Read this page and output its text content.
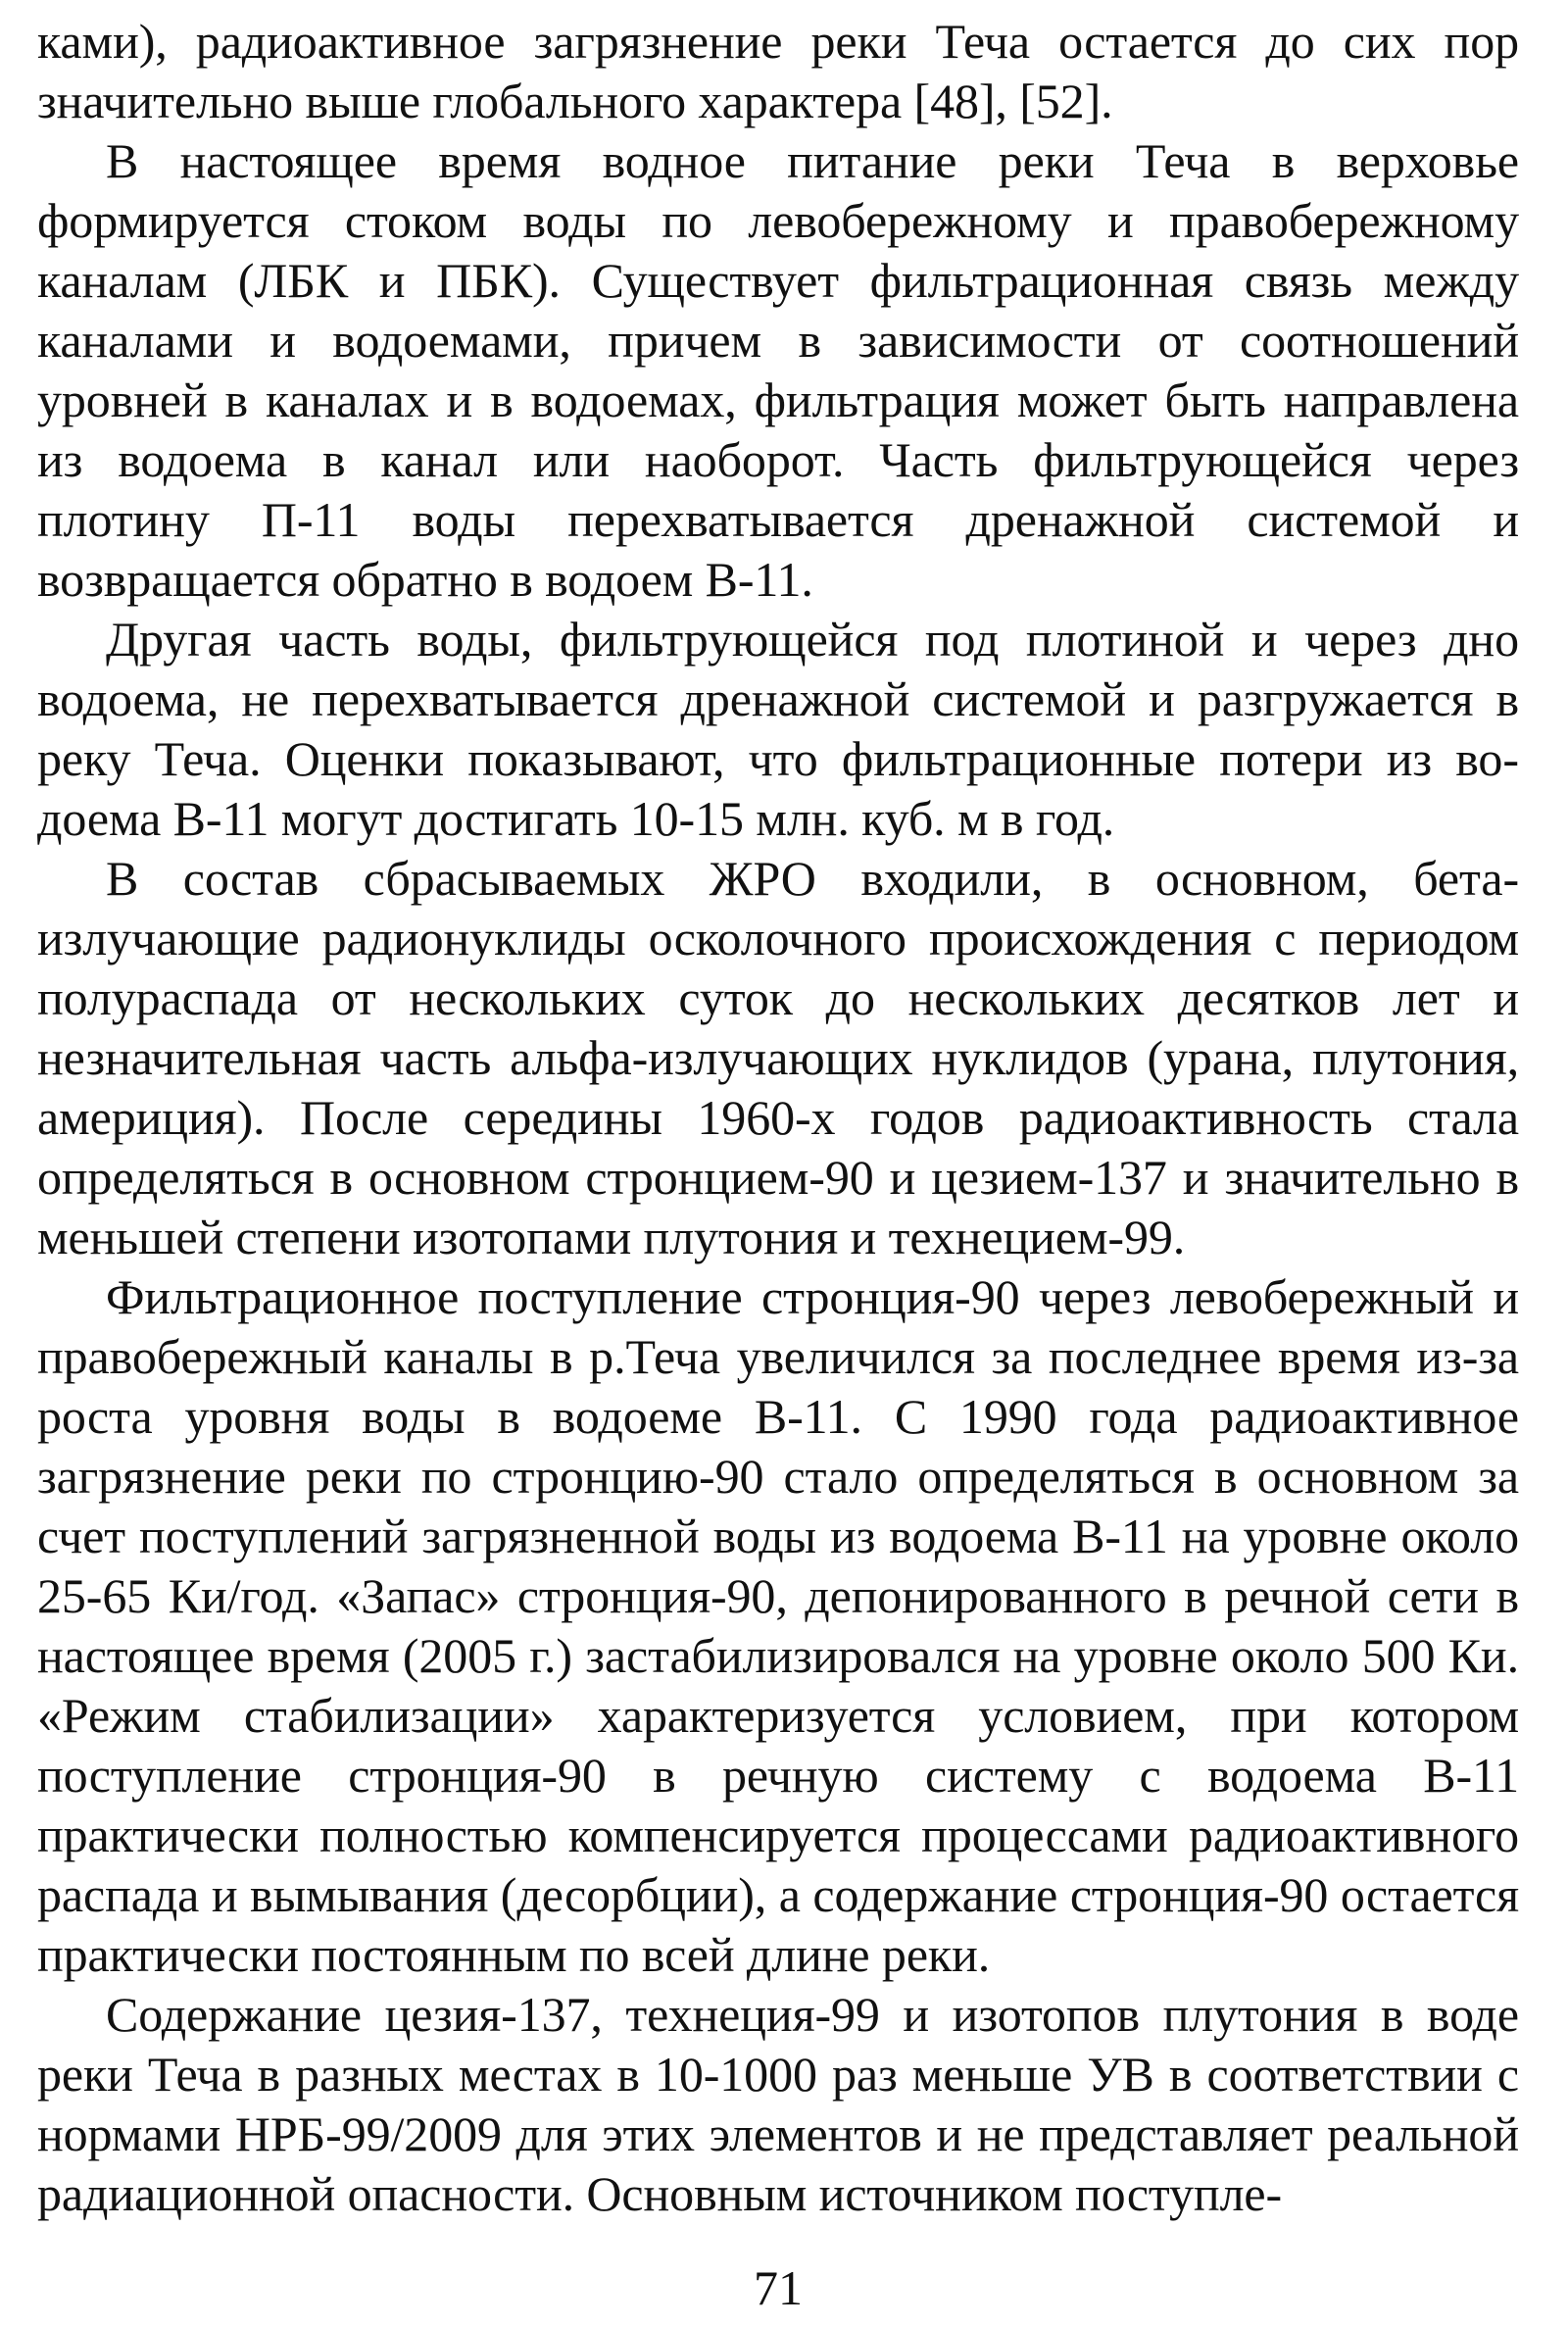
ками), радиоактивное загрязнение реки Теча остается до сих пор значительно выше глобального характера [48], [52].

В настоящее время водное питание реки Теча в верховье формируется стоком воды по левобережному и правобережному каналам (ЛБК и ПБК). Существует фильтрационная связь между каналами и водоемами, причем в зависимости от соотношений уровней в каналах и в водоемах, фильтрация может быть направлена из водоема в канал или наоборот. Часть фильтрующейся через плотину П-11 воды перехватывается дренажной системой и возвращается обратно в водоем В-11.

Другая часть воды, фильтрующейся под плотиной и через дно водоема, не перехватывается дренажной системой и разгружается в реку Теча. Оценки показывают, что фильтрационные потери из водоема В-11 могут достигать 10-15 млн. куб. м в год.

В состав сбрасываемых ЖРО входили, в основном, бета-излучающие радионуклиды осколочного происхождения с периодом полураспада от нескольких суток до нескольких десятков лет и незначительная часть альфа-излучающих нуклидов (урана, плутония, америция). После середины 1960-х годов радиоактивность стала определяться в основном стронцием-90 и цезием-137 и значительно в меньшей степени изотопами плутония и технецием-99.

Фильтрационное поступление стронция-90 через левобережный и правобережный каналы в р.Теча увеличился за последнее время из-за роста уровня воды в водоеме В-11. С 1990 года радиоактивное загрязнение реки по стронцию-90 стало определяться в основном за счет поступлений загрязненной воды из водоема В-11 на уровне около 25-65 Ки/год. «Запас» стронция-90, депонированного в речной сети в настоящее время (2005 г.) застабилизировался на уровне около 500 Ки. «Режим стабилизации» характеризуется условием, при котором поступление стронция-90 в речную систему с водоема В-11 практически полностью компенсируется процессами радиоактивного распада и вымывания (десорбции), а содержание стронция-90 остается практически постоянным по всей длине реки.

Содержание цезия-137, технеция-99 и изотопов плутония в воде реки Теча в разных местах в 10-1000 раз меньше УВ в соответствии с нормами НРБ-99/2009 для этих элементов и не представляет реальной радиационной опасности. Основным источником поступле-

71
